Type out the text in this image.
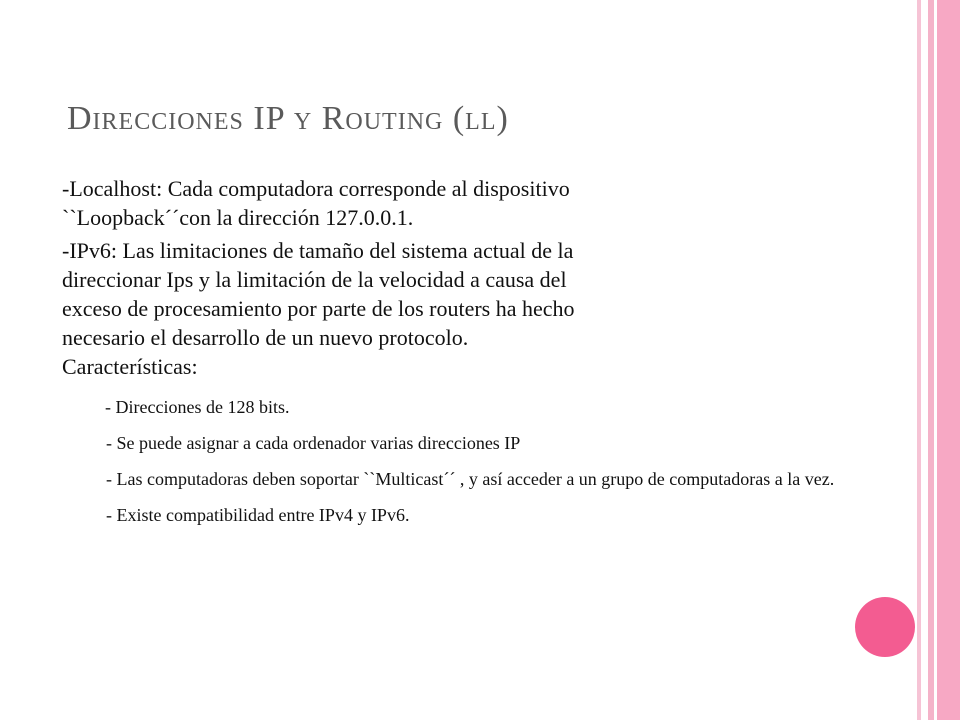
Direcciones IP y Routing (ll)

-Localhost: Cada computadora corresponde al dispositivo
``Loopback´´con la dirección 127.0.0.1.

-IPv6: Las limitaciones de tamaño del sistema actual de la
direccionar Ips y la limitación de la velocidad a causa del
exceso de procesamiento por parte de los routers ha hecho
necesario el desarrollo de un nuevo protocolo.
Características:

- Direcciones de 128 bits.

- Se puede asignar a cada ordenador varias direcciones IP

- Las computadoras deben soportar ``Multicast´´ , y así acceder a un grupo de computadoras a la vez.

- Existe compatibilidad entre IPv4 y IPv6.
